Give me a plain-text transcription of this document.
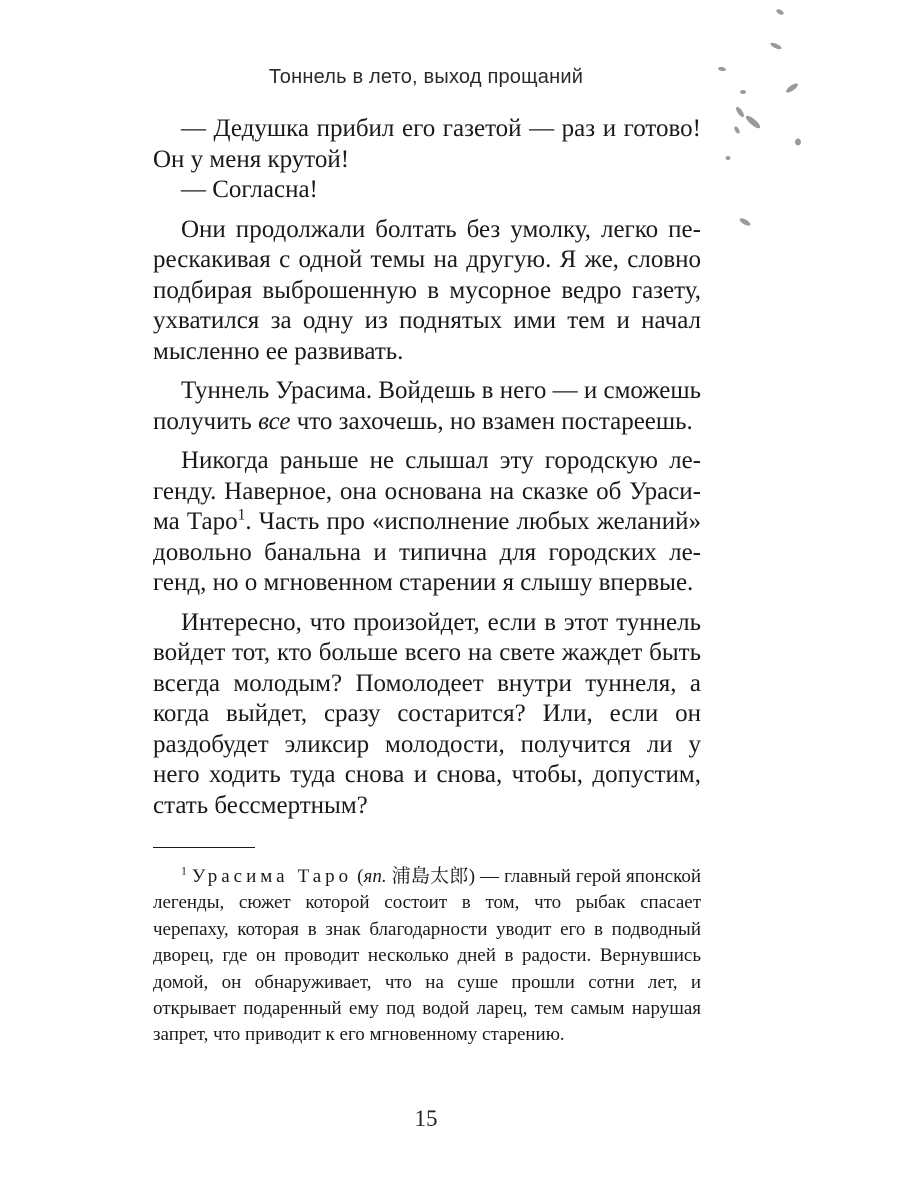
Тоннель в лето, выход прощаний

— Дедушка прибил его газетой — раз и готово! Он у меня крутой!

— Согласна!

Они продолжали болтать без умолку, легко перескакивая с одной темы на другую. Я же, словно подбирая выброшенную в мусорное ведро газету, ухватился за одну из поднятых ими тем и начал мысленно ее развивать.

Туннель Урасима. Войдешь в него — и сможешь получить все что захочешь, но взамен постареешь.

Никогда раньше не слышал эту городскую легенду. Наверное, она основана на сказке об Урасима Таро$^1$. Часть про «исполнение любых желаний» довольно банальна и типична для городских легенд, но о мгновенном старении я слышу впервые.

Интересно, что произойдет, если в этот туннель войдет тот, кто больше всего на свете жаждет быть всегда молодым? Помолодеет внутри туннеля, а когда выйдет, сразу состарится? Или, если он раздобудет эликсир молодости, получится ли у него ходить туда снова и снова, чтобы, допустим, стать бессмертным?

$^1$ Урасима Таро (яп. 浦島太郎) — главный герой японской легенды, сюжет которой состоит в том, что рыбак спасает черепаху, которая в знак благодарности уводит его в подводный дворец, где он проводит несколько дней в радости. Вернувшись домой, он обнаруживает, что на суше прошли сотни лет, и открывает подаренный ему под водой ларец, тем самым нарушая запрет, что приводит к его мгновенному старению.
15
